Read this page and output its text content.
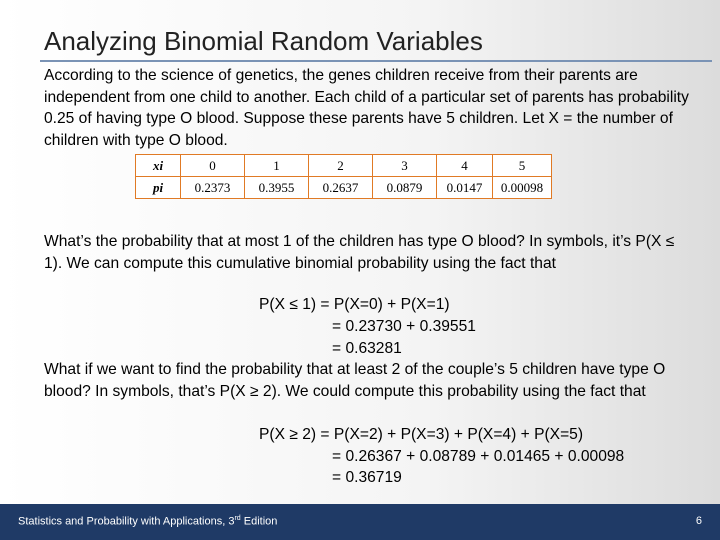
Analyzing Binomial Random Variables

According to the science of genetics, the genes children receive from their parents are independent from one child to another. Each child of a particular set of parents has probability 0.25 of having type O blood. Suppose these parents have 5 children. Let X = the number of children with type O blood.

xi	0	1	2	3	4	5
pi	0.2373	0.3955	0.2637	0.0879	0.0147	0.00098

What’s the probability that at most 1 of the children has type O blood? In symbols, it’s P(X ≤ 1). We can compute this cumulative binomial probability using the fact that

P(X ≤ 1) = P(X=0) + P(X=1)
= 0.23730 + 0.39551
= 0.63281

What if we want to find the probability that at least 2 of the couple’s 5 children have type O blood? In symbols, that’s P(X ≥ 2). We could compute this probability using the fact that

P(X ≥ 2) = P(X=2) + P(X=3) + P(X=4) + P(X=5)
= 0.26367 + 0.08789 + 0.01465 + 0.00098
= 0.36719
Statistics and Probability with Applications, 3rd Edition	6
